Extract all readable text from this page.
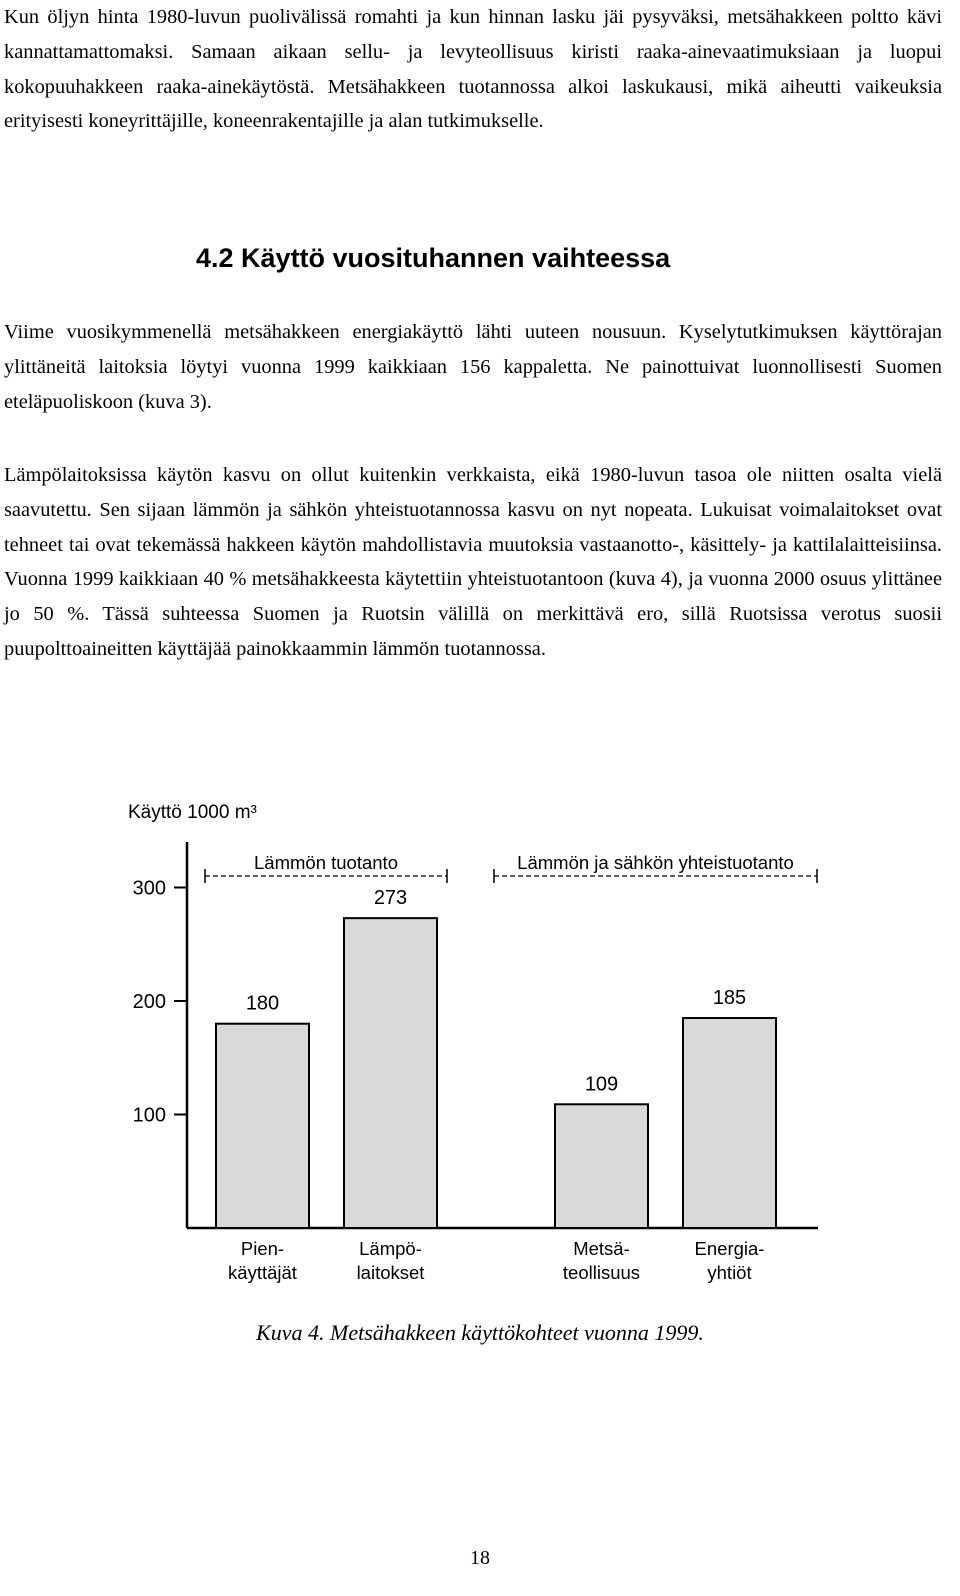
Kun öljyn hinta 1980-luvun puolivälissä romahti ja kun hinnan lasku jäi pysyväksi, metsähakkeen poltto kävi kannattamattomaksi. Samaan aikaan sellu- ja levyteollisuus kiristi raaka-ainevaatimuksiaan ja luopui kokopuuhakkeen raaka-ainekäytöstä. Metsähakkeen tuotannossa alkoi laskukausi, mikä aiheutti vaikeuksia erityisesti koneyrittäjille, koneenrakentajille ja alan tutkimukselle.

4.2 Käyttö vuosituhannen vaihteessa

Viime vuosikymmenellä metsähakkeen energiakäyttö lähti uuteen nousuun. Kyselytutkimuksen käyttörajan ylittäneitä laitoksia löytyi vuonna 1999 kaikkiaan 156 kappaletta. Ne painottuivat luonnollisesti Suomen eteläpuoliskoon (kuva 3).

Lämpölaitoksissa käytön kasvu on ollut kuitenkin verkkaista, eikä 1980-luvun tasoa ole niitten osalta vielä saavutettu. Sen sijaan lämmön ja sähkön yhteistuotannossa kasvu on nyt nopeata. Lukuisat voimalaitokset ovat tehneet tai ovat tekemässä hakkeen käytön mahdollistavia muutoksia vastaanotto-, käsittely- ja kattilalaitteisiinsa. Vuonna 1999 kaikkiaan 40 % metsähakkeesta käytettiin yhteistuotantoon (kuva 4), ja vuonna 2000 osuus ylittänee jo 50 %. Tässä suhteessa Suomen ja Ruotsin välillä on merkittävä ero, sillä Ruotsissa verotus suosii puupolttoaineitten käyttäjää painokkaammin lämmön tuotannossa.

Käyttö 1000 m³
100
200
300
180
Pien-
käyttäjät
273
Lämpö-
laitokset
109
Metsä-
teollisuus
185
Energia-
yhtiöt
Lämmön tuotanto	Lämmön ja sähkön yhteistuotanto

Kuva 4. Metsähakkeen käyttökohteet vuonna 1999.

18
